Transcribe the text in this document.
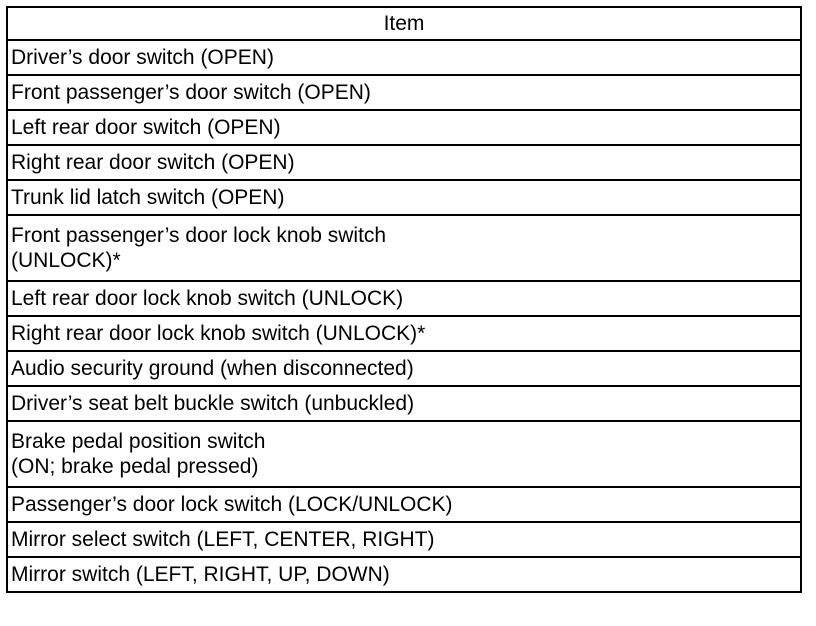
Item

Driver’s door switch (OPEN)

Front passenger’s door switch (OPEN)

Left rear door switch (OPEN)

Right rear door switch (OPEN)

Trunk lid latch switch (OPEN)

Front passenger’s door lock knob switch
(UNLOCK)*

Left rear door lock knob switch (UNLOCK)

Right rear door lock knob switch (UNLOCK)*

Audio security ground (when disconnected)

Driver’s seat belt buckle switch (unbuckled)

Brake pedal position switch
(ON; brake pedal pressed)

Passenger’s door lock switch (LOCK/UNLOCK)

Mirror select switch (LEFT, CENTER, RIGHT)

Mirror switch (LEFT, RIGHT, UP, DOWN)
